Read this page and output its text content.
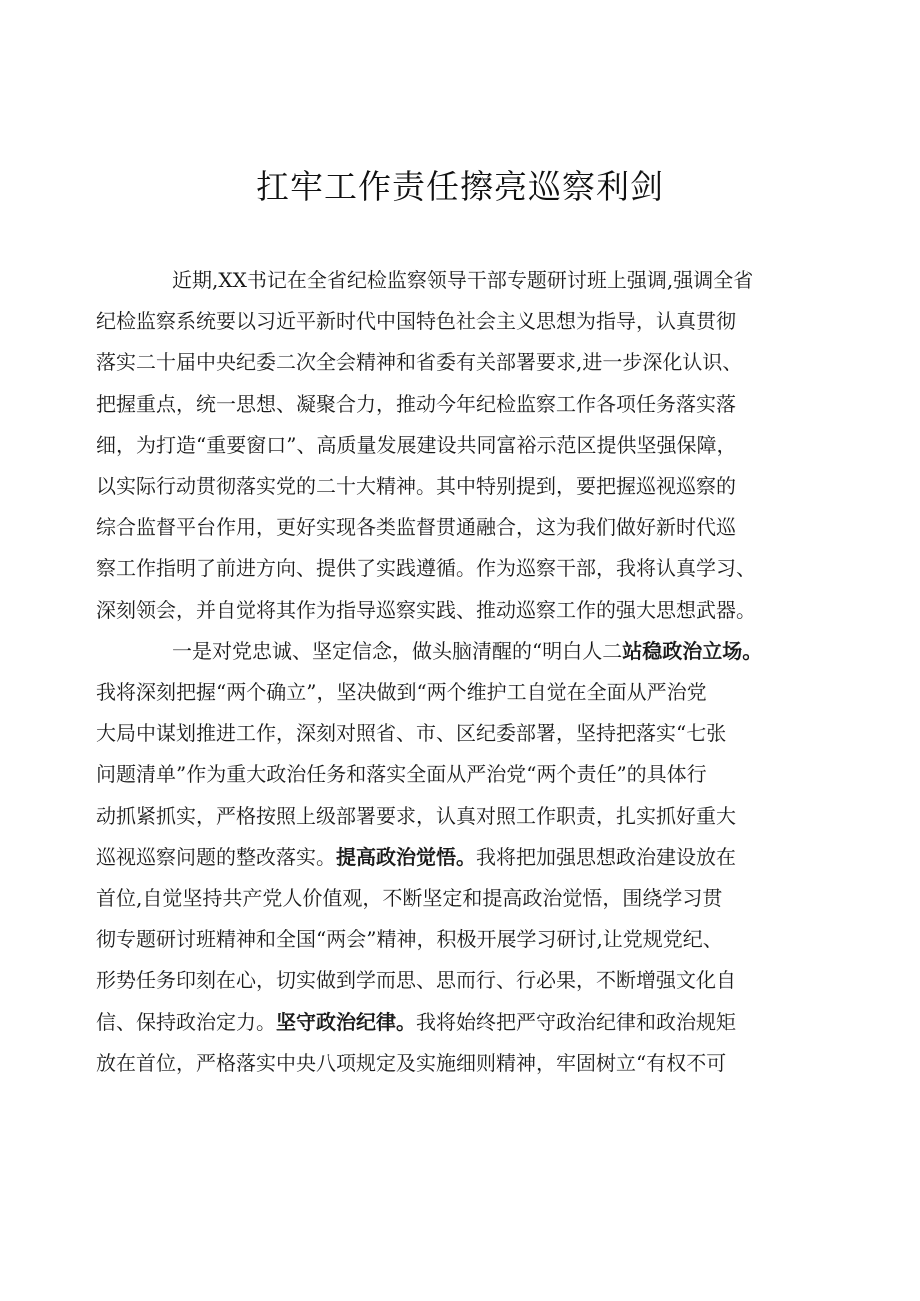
扛牢工作责任擦亮巡察利剑
近期,XX书记在全省纪检监察领导干部专题研讨班上强调,强调全省
纪检监察系统要以习近平新时代中国特色社会主义思想为指导，认真贯彻
落实二十届中央纪委二次全会精神和省委有关部署要求,进一步深化认识、
把握重点，统一思想、凝聚合力，推动今年纪检监察工作各项任务落实落
细，为打造“重要窗口”、高质量发展建设共同富裕示范区提供坚强保障，
以实际行动贯彻落实党的二十大精神。其中特别提到，要把握巡视巡察的
综合监督平台作用，更好实现各类监督贯通融合，这为我们做好新时代巡
察工作指明了前进方向、提供了实践遵循。作为巡察干部，我将认真学习、
深刻领会，并自觉将其作为指导巡察实践、推动巡察工作的强大思想武器。
一是对党忠诚、坚定信念，做头脑清醒的“明白人二站稳政治立场。
我将深刻把握“两个确立”，坚决做到“两个维护工自觉在全面从严治党
大局中谋划推进工作，深刻对照省、市、区纪委部署，坚持把落实“七张
问题清单”作为重大政治任务和落实全面从严治党“两个责任”的具体行
动抓紧抓实，严格按照上级部署要求，认真对照工作职责，扎实抓好重大
巡视巡察问题的整改落实。提高政治觉悟。我将把加强思想政治建设放在
首位,自觉坚持共产党人价值观，不断坚定和提高政治觉悟，围绕学习贯
彻专题研讨班精神和全国“两会”精神，积极开展学习研讨,让党规党纪、
形势任务印刻在心，切实做到学而思、思而行、行必果，不断增强文化自
信、保持政治定力。坚守政治纪律。我将始终把严守政治纪律和政治规矩
放在首位，严格落实中央八项规定及实施细则精神，牢固树立“有权不可
